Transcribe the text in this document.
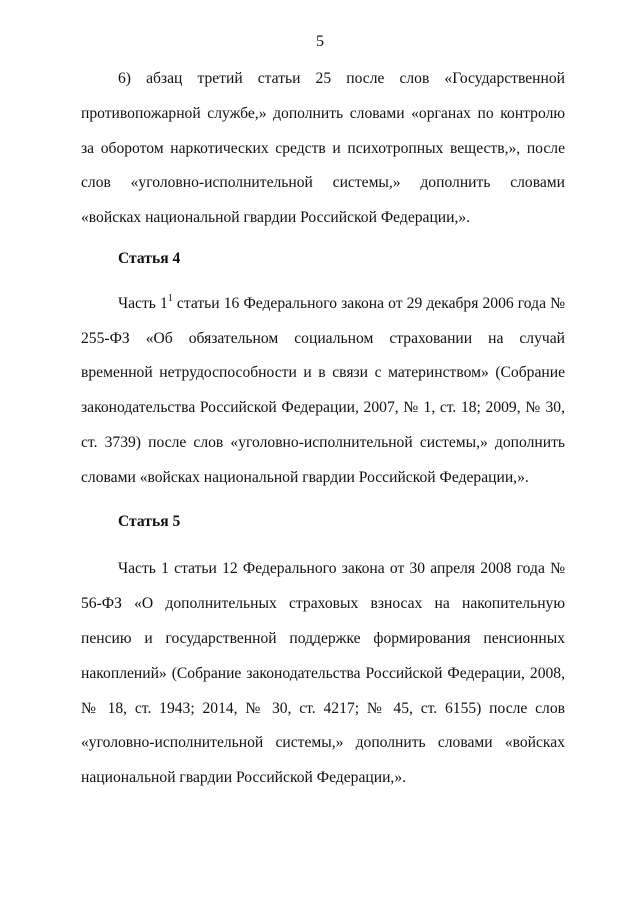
5

6) абзац третий статьи 25 после слов «Государственной противопожарной службе,» дополнить словами «органах по контролю за оборотом наркотических средств и психотропных веществ,», после слов «уголовно-исполнительной системы,» дополнить словами «войсках национальной гвардии Российской Федерации,».

Статья 4

Часть $1^1$ статьи 16 Федерального закона от 29 декабря 2006 года № 255-ФЗ «Об обязательном социальном страховании на случай временной нетрудоспособности и в связи с материнством» (Собрание законодательства Российской Федерации, 2007, № 1, ст. 18; 2009, № 30, ст. 3739) после слов «уголовно-исполнительной системы,» дополнить словами «войсках национальной гвардии Российской Федерации,».

Статья 5

Часть 1 статьи 12 Федерального закона от 30 апреля 2008 года № 56-ФЗ «О дополнительных страховых взносах на накопительную пенсию и государственной поддержке формирования пенсионных накоплений» (Собрание законодательства Российской Федерации, 2008, № 18, ст. 1943; 2014, № 30, ст. 4217; № 45, ст. 6155) после слов «уголовно-исполнительной системы,» дополнить словами «войсках национальной гвардии Российской Федерации,».
